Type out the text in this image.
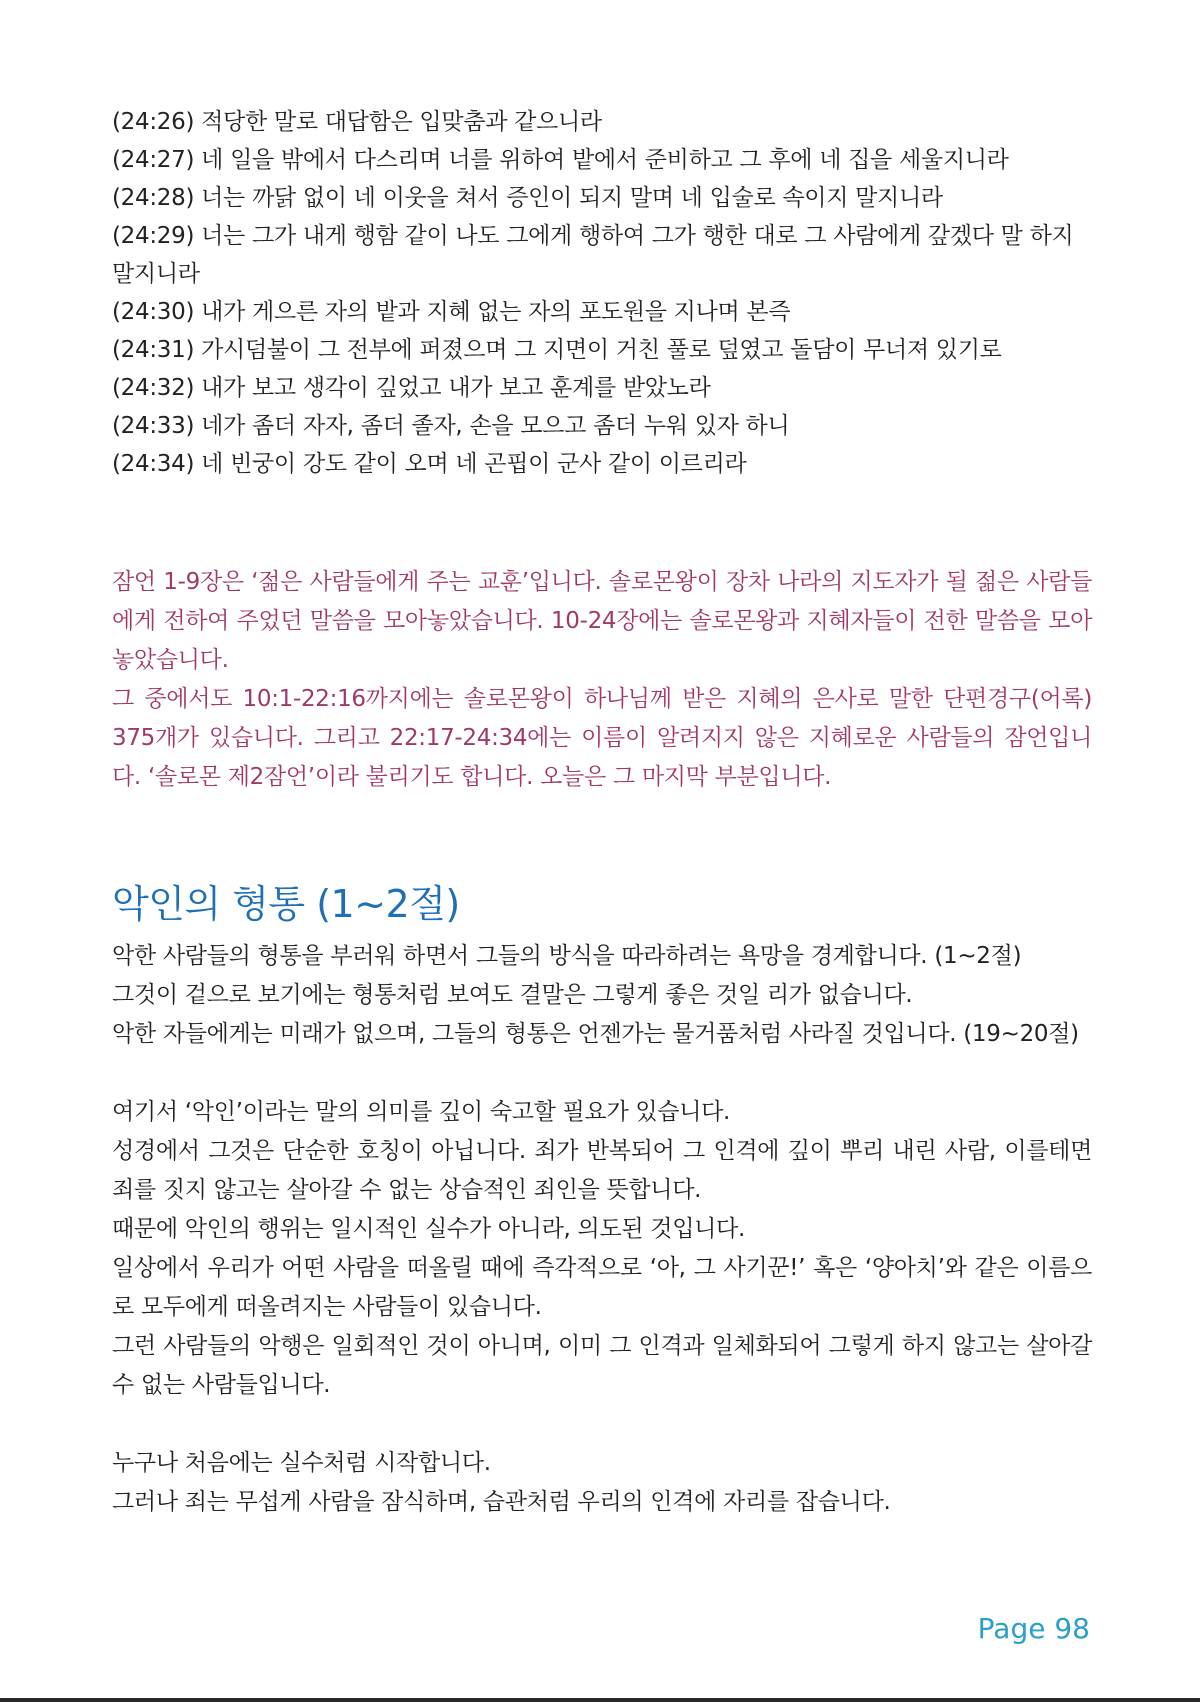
(24:26) 적당한 말로 대답함은 입맞춤과 같으니라

(24:27) 네 일을 밖에서 다스리며 너를 위하여 밭에서 준비하고 그 후에 네 집을 세울지니라

(24:28) 너는 까닭 없이 네 이웃을 쳐서 증인이 되지 말며 네 입술로 속이지 말지니라

(24:29) 너는 그가 내게 행함 같이 나도 그에게 행하여 그가 행한 대로 그 사람에게 갚겠다 말 하지 말지니라

(24:30) 내가 게으른 자의 밭과 지혜 없는 자의 포도원을 지나며 본즉

(24:31) 가시덤불이 그 전부에 퍼졌으며 그 지면이 거친 풀로 덮였고 돌담이 무너져 있기로

(24:32) 내가 보고 생각이 깊었고 내가 보고 훈계를 받았노라

(24:33) 네가 좀더 자자, 좀더 졸자, 손을 모으고 좀더 누워 있자 하니

(24:34) 네 빈궁이 강도 같이 오며 네 곤핍이 군사 같이 이르리라

잠언 1-9장은 ‘젊은 사람들에게 주는 교훈’입니다. 솔로몬왕이 장차 나라의 지도자가 될 젊은 사람들에게 전하여 주었던 말씀을 모아놓았습니다. 10-24장에는 솔로몬왕과 지혜자들이 전한 말씀을 모아 놓았습니다.

그 중에서도 10:1-22:16까지에는 솔로몬왕이 하나님께 받은 지혜의 은사로 말한 단편경구(어록) 375개가 있습니다. 그리고 22:17-24:34에는 이름이 알려지지 않은 지혜로운 사람들의 잠언입니다. ‘솔로몬 제2잠언’이라 불리기도 합니다. 오늘은 그 마지막 부분입니다.

악인의 형통 (1~2절)

악한 사람들의 형통을 부러워 하면서 그들의 방식을 따라하려는 욕망을 경계합니다. (1~2절)

그것이 겉으로 보기에는 형통처럼 보여도 결말은 그렇게 좋은 것일 리가 없습니다.

악한 자들에게는 미래가 없으며, 그들의 형통은 언젠가는 물거품처럼 사라질 것입니다. (19~20절)

여기서 ‘악인’이라는 말의 의미를 깊이 숙고할 필요가 있습니다.

성경에서 그것은 단순한 호칭이 아닙니다. 죄가 반복되어 그 인격에 깊이 뿌리 내린 사람, 이를테면 죄를 짓지 않고는 살아갈 수 없는 상습적인 죄인을 뜻합니다.

때문에 악인의 행위는 일시적인 실수가 아니라, 의도된 것입니다.

일상에서 우리가 어떤 사람을 떠올릴 때에 즉각적으로 ‘아, 그 사기꾼!’ 혹은 ‘양아치’와 같은 이름으로 모두에게 떠올려지는 사람들이 있습니다.

그런 사람들의 악행은 일회적인 것이 아니며, 이미 그 인격과 일체화되어 그렇게 하지 않고는 살아갈 수 없는 사람들입니다.

누구나 처음에는 실수처럼 시작합니다.

그러나 죄는 무섭게 사람을 잠식하며, 습관처럼 우리의 인격에 자리를 잡습니다.

Page 98
